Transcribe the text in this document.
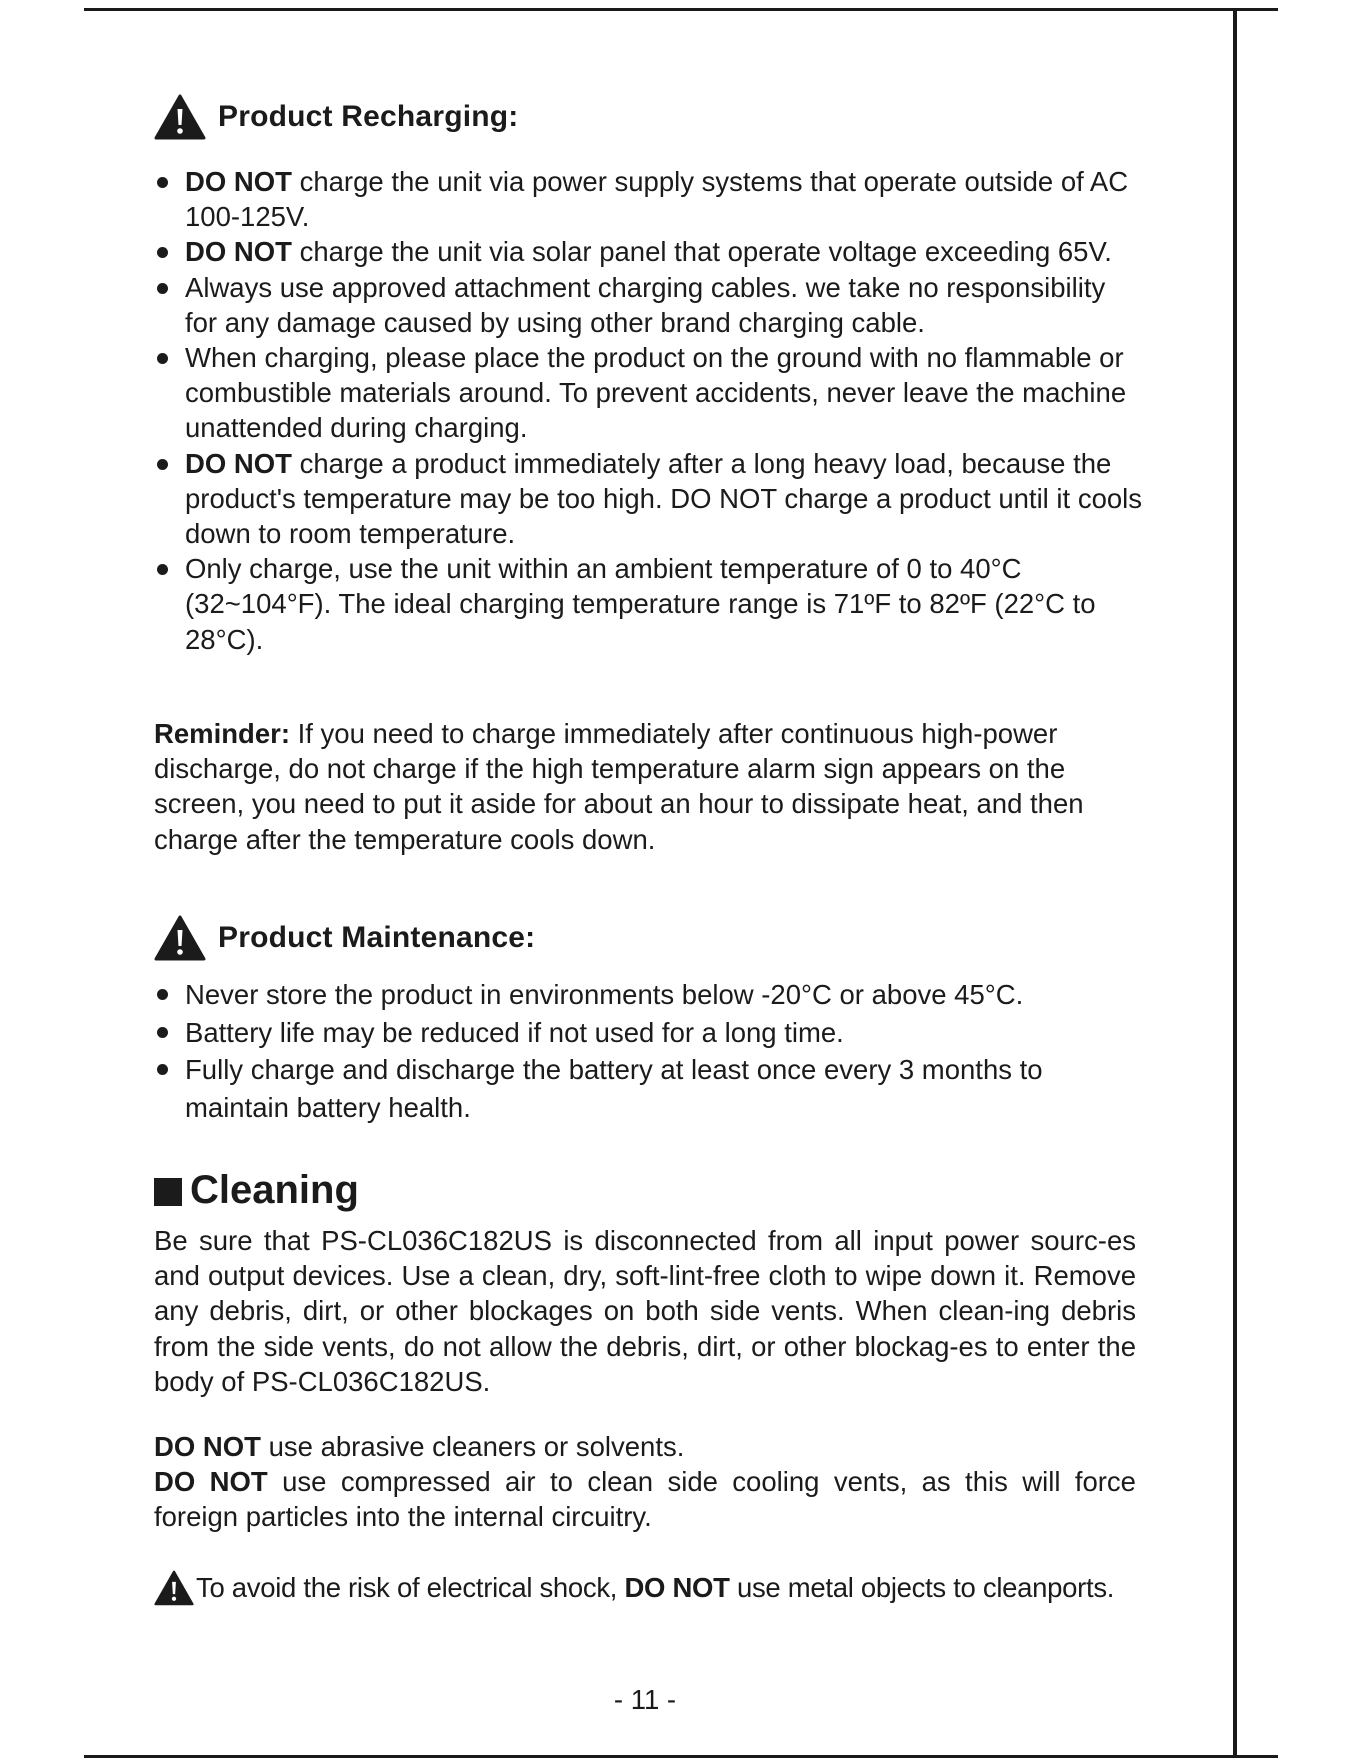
Product Recharging:
DO NOT charge the unit via power supply systems that operate outside of AC 100-125V.
DO NOT charge the unit via solar panel that operate voltage exceeding 65V.
Always use approved attachment charging cables. we take no responsibility for any damage caused by using other brand charging cable.
When charging, please place the product on the ground with no flammable or combustible materials around. To prevent accidents, never leave the machine unattended during charging.
DO NOT charge a product immediately after a long heavy load, because the product's temperature may be too high. DO NOT charge a product until it cools down to room temperature.
Only charge, use the unit within an ambient temperature of 0 to 40°C (32~104°F). The ideal charging temperature range is 71ºF to 82ºF (22°C to 28°C).

Reminder: If you need to charge immediately after continuous high-power discharge, do not charge if the high temperature alarm sign appears on the screen, you need to put it aside for about an hour to dissipate heat, and then charge after the temperature cools down.

Product Maintenance:
Never store the product in environments below -20°C or above 45°C.
Battery life may be reduced if not used for a long time.
Fully charge and discharge the battery at least once every 3 months to maintain battery health.
Cleaning

Be sure that PS-CL036C182US is disconnected from all input power sourc-es and output devices. Use a clean, dry, soft-lint-free cloth to wipe down it. Remove any debris, dirt, or other blockages on both side vents. When clean-ing debris from the side vents, do not allow the debris, dirt, or other blockag-es to enter the body of PS-CL036C182US.

DO NOT use abrasive cleaners or solvents.

DO NOT use compressed air to clean side cooling vents, as this will force foreign particles into the internal circuitry.

To avoid the risk of electrical shock, DO NOT use metal objects to cleanports.
- 11 -
